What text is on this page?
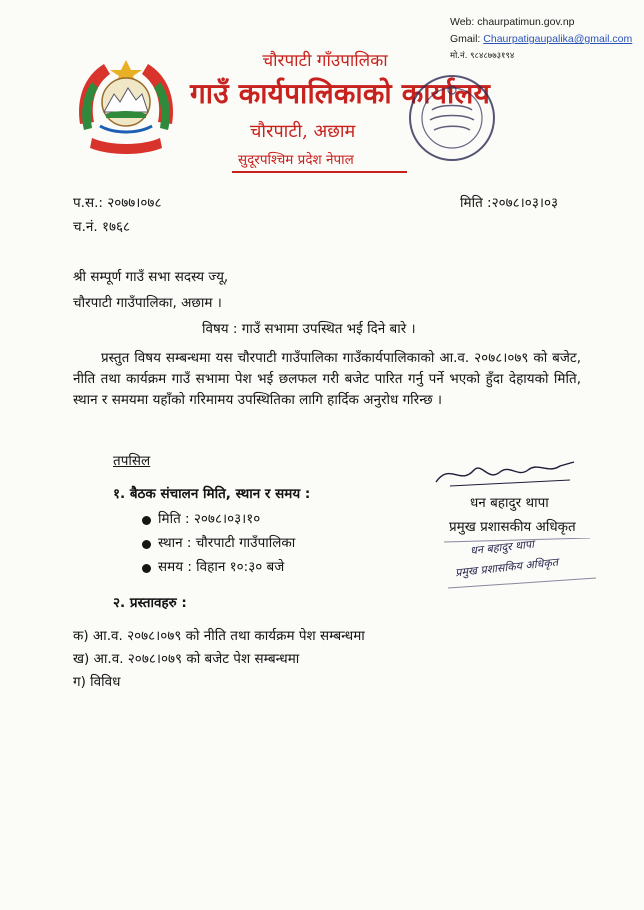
Web: chaurpatimun.gov.np
Gmail: Chaurpatigaupalika@gmail.com
मो.नं. ९८४८७७३१९४
चौरपाटी गाँउपालिका
गाउँ कार्यपालिकाको कार्यालय
चौरपाटी, अछाम
सुदूरपश्चिम प्रदेश नेपाल
प.स.: २०७७।०७८
च.नं. १७६८
मिति :२०७८।०३।०३
श्री सम्पूर्ण गाउँ सभा सदस्य ज्यू,
चौरपाटी गाउँपालिका, अछाम ।
विषय : गाउँ सभामा उपस्थित भई दिने बारे ।
प्रस्तुत विषय सम्बन्धमा यस चौरपाटी गाउँपालिका गाउँकार्यपालिकाको आ.व. २०७८।०७९ को बजेट, नीति तथा कार्यक्रम गाउँ सभामा पेश भई छलफल गरी बजेट पारित गर्नु पर्ने भएको हुँदा देहायको मिति, स्थान र समयमा यहाँको गरिमामय उपस्थितिका लागि हार्दिक अनुरोध गरिन्छ ।
तपसिल
१. बैठक संचालन मिति, स्थान र समय :
मिति : २०७८।०३।१०
स्थान : चौरपाटी गाउँपालिका
समय : विहान १०:३० बजे
२. प्रस्तावहरु :
क) आ.व. २०७८।०७९ को नीति तथा कार्यक्रम पेश सम्बन्धमा
ख) आ.व. २०७८।०७९ को बजेट पेश सम्बन्धमा
ग) विविध
धन बहादुर थापा
प्रमुख प्रशासकीय अधिकृत
धन बहादुर थापा
प्रमुख प्रशासकिय अधिकृत
